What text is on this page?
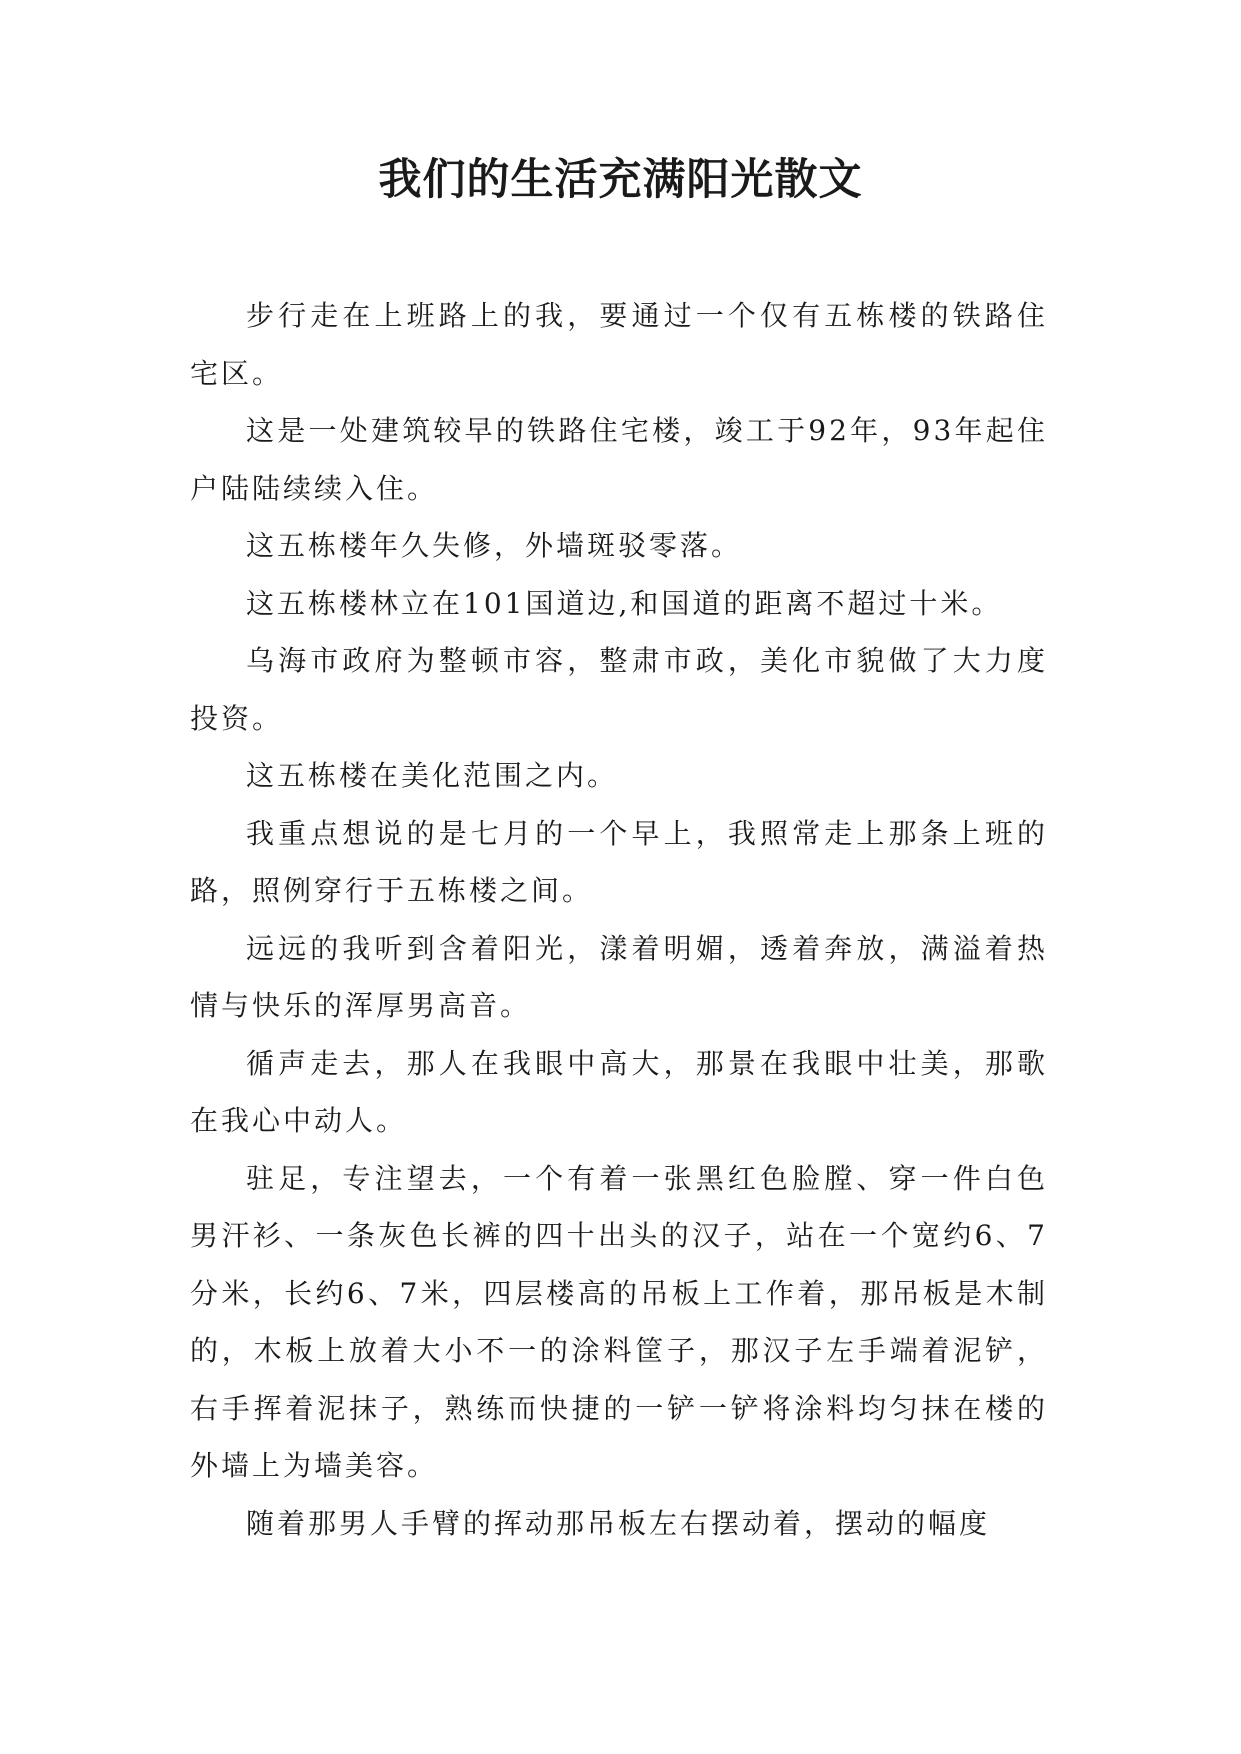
我们的生活充满阳光散文

步行走在上班路上的我，要通过一个仅有五栋楼的铁路住宅区。

这是一处建筑较早的铁路住宅楼，竣工于92年，93年起住户陆陆续续入住。

这五栋楼年久失修，外墙斑驳零落。

这五栋楼林立在101国道边,和国道的距离不超过十米。

乌海市政府为整顿市容，整肃市政，美化市貌做了大力度投资。

这五栋楼在美化范围之内。

我重点想说的是七月的一个早上，我照常走上那条上班的路，照例穿行于五栋楼之间。

远远的我听到含着阳光，漾着明媚，透着奔放，满溢着热情与快乐的浑厚男高音。

循声走去，那人在我眼中高大，那景在我眼中壮美，那歌在我心中动人。

驻足，专注望去，一个有着一张黑红色脸膛、穿一件白色男汗衫、一条灰色长裤的四十出头的汉子，站在一个宽约6、7分米，长约6、7米，四层楼高的吊板上工作着，那吊板是木制的，木板上放着大小不一的涂料筐子，那汉子左手端着泥铲，右手挥着泥抹子，熟练而快捷的一铲一铲将涂料均匀抹在楼的外墙上为墙美容。

随着那男人手臂的挥动那吊板左右摆动着，摆动的幅度
